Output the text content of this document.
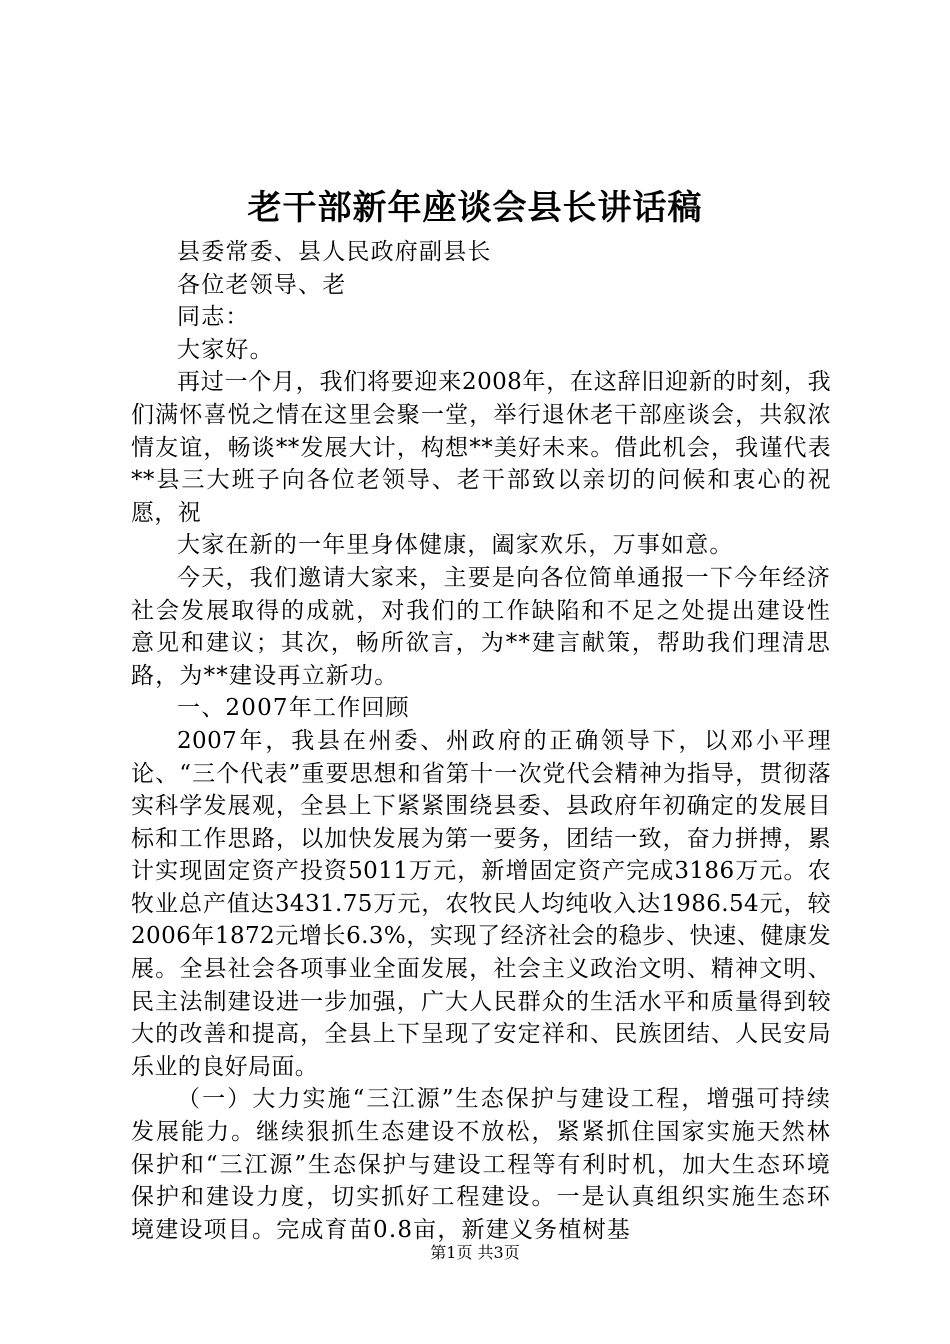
老干部新年座谈会县长讲话稿

县委常委、县人民政府副县长

各位老领导、老

同志：

大家好。

再过一个月，我们将要迎来2008年，在这辞旧迎新的时刻，我们满怀喜悦之情在这里会聚一堂，举行退休老干部座谈会，共叙浓情友谊，畅谈**发展大计，构想**美好未来。借此机会，我谨代表**县三大班子向各位老领导、老干部致以亲切的问候和衷心的祝愿，祝

大家在新的一年里身体健康，阖家欢乐，万事如意。

今天，我们邀请大家来，主要是向各位简单通报一下今年经济社会发展取得的成就，对我们的工作缺陷和不足之处提出建设性意见和建议；其次，畅所欲言，为**建言献策，帮助我们理清思路，为**建设再立新功。

一、2007年工作回顾

2007年，我县在州委、州政府的正确领导下，以邓小平理论、“三个代表”重要思想和省第十一次党代会精神为指导，贯彻落实科学发展观，全县上下紧紧围绕县委、县政府年初确定的发展目标和工作思路，以加快发展为第一要务，团结一致，奋力拼搏，累计实现固定资产投资5011万元，新增固定资产完成3186万元。农牧业总产值达3431.75万元，农牧民人均纯收入达1986.54元，较2006年1872元增长6.3%，实现了经济社会的稳步、快速、健康发展。全县社会各项事业全面发展，社会主义政治文明、精神文明、民主法制建设进一步加强，广大人民群众的生活水平和质量得到较大的改善和提高，全县上下呈现了安定祥和、民族团结、人民安局乐业的良好局面。

（一）大力实施“三江源”生态保护与建设工程，增强可持续发展能力。继续狠抓生态建设不放松，紧紧抓住国家实施天然林保护和“三江源”生态保护与建设工程等有利时机，加大生态环境保护和建设力度，切实抓好工程建设。一是认真组织实施生态环境建设项目。完成育苗0.8亩，新建义务植树基

第1页 共3页
